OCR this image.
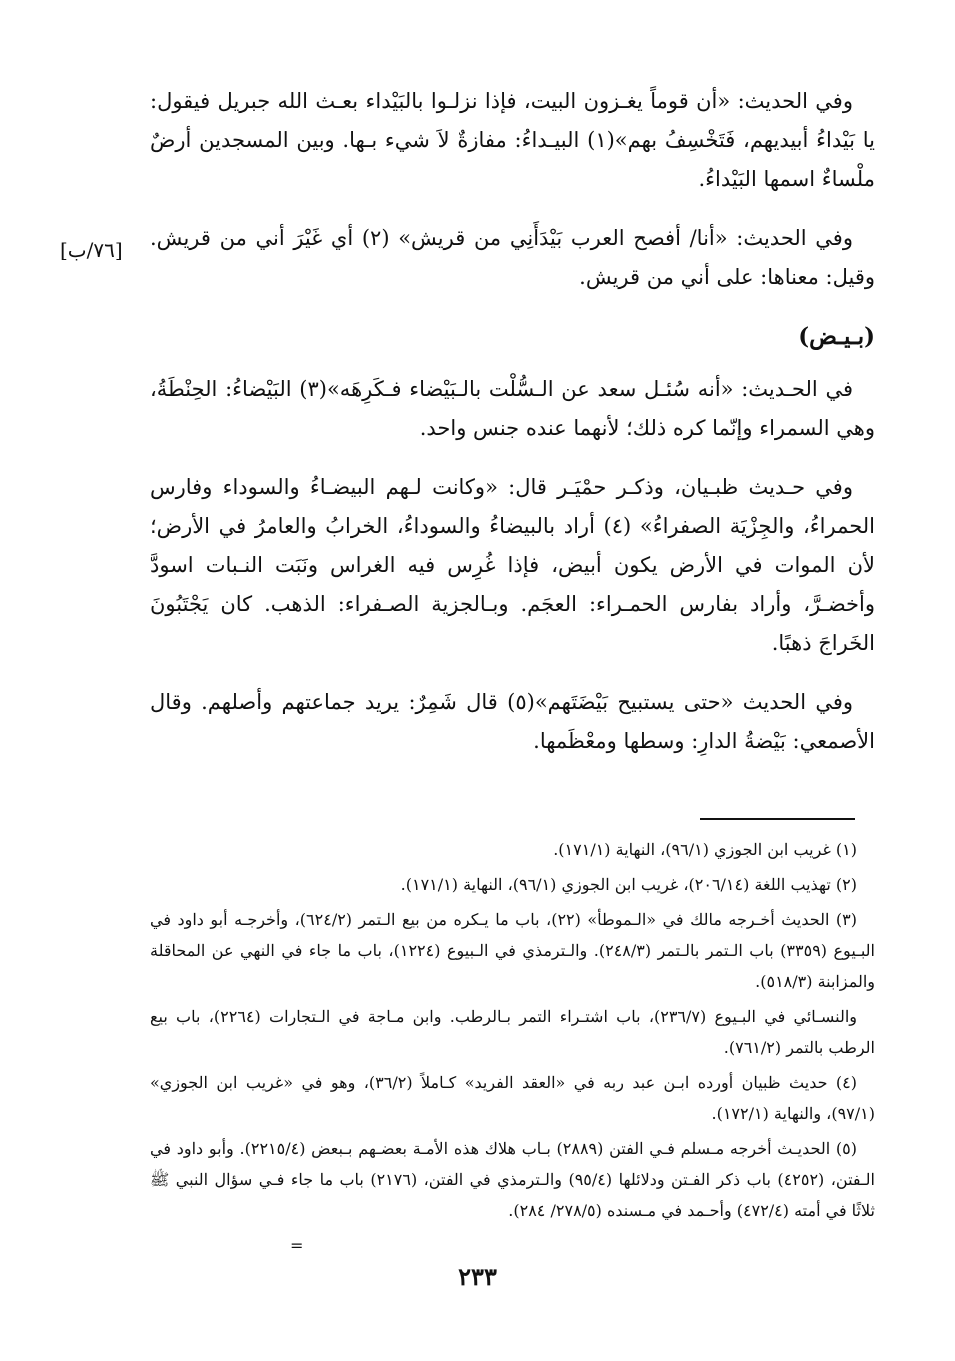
[٧٦/ب]

وفي الحديث: «أن قوماً يغـزون البيت، فإذا نزلـوا بالبَيْداء بعـث الله جبريل فيقول: يا بَيْداءُ أبيديهم، فَتَخْسِفُ بهم»(١) البيـداءُ: مفازةٌ لاَ شيء بـها. وبين المسجدين أرضٌ ملْساءٌ اسمها البَيْداءُ.

وفي الحديث: «أنا/ أفصح العرب بَيْدَأَنِي من قريش» (٢) أي غَيْرَ أني من قريش. وقيل: معناها: على أني من قريش.

(بـيـض)

في الحـديث: «أنه سُئـل سعد عن الـسُّلْت بالـبَيْضاء فـكَرِهَه»(٣) البَيْضاءُ: الحِنْطَةُ، وهي السمراء وإنّما كره ذلك؛ لأنهما عنده جنس واحد.

وفي حـديث ظبـيان، وذكـر حمْيَـر قال: «وكانت لـهم البيضـاءُ والسوداء وفارس الحمراءُ، والجِزْيَة الصفراءُ» (٤) أراد بالبيضاءُ والسوداءُ، الخرابُ والعامرُ في الأرض؛ لأن الموات في الأرض يكون أبيض، فإذا غُرِس فيه الغراس ونَبَت النـبات اسودَّ وأخضـرَّ، وأراد بفارس الحمـراء: العجَم. وبـالجزية الصـفراء: الذهب. كان يَجْتَبُونَ الخَراجَ ذهبًا.

وفي الحديث «حتى يستبيح بَيْضَتَهم»(٥) قال شَمِرٌ: يريد جماعتهم وأصلهم. وقال الأصمعي: بَيْضةُ الدارِ: وسطها ومعْظَمها.

(١) غريب ابن الجوزي (٩٦/١)، النهاية (١٧١/١).

(٢) تهذيب اللغة (٢٠٦/١٤)، غريب ابن الجوزي (٩٦/١)، النهاية (١٧١/١).

(٣) الحديث أخـرجه مالك في «الـموطأ» (٢٢)، باب ما يـكره من بيع الـتمر (٦٢٤/٢)، وأخرجـه أبو داود في البـيوع (٣٣٥٩) باب الـتمر بالـتمر (٢٤٨/٣). والـترمذي في الـبيوع (١٢٢٤)، باب ما جاء في النهي عن المحاقلة والمزابنة (٥١٨/٣).

والنسـائي في البـيوع (٢٣٦/٧)، باب اشتـراء التمر بـالرطب. وابن مـاجة في الـتجارات (٢٢٦٤)، باب بيع الرطب بالتمر (٧٦١/٢).

(٤) حديث ظبيان أورده ابـن عبد ربه في «العقد الفريد» كـاملاً (٣٦/٢)، وهو في «غريب ابن الجوزي» (٩٧/١)، والنهاية (١٧٢/١).

(٥) الحديـث أخرجه مـسلم فـي الفتن (٢٨٨٩) بـاب هلاك هذه الأمـة بعضـهم بـبعض (٢٢١٥/٤). وأبو داود في الـفتن، (٤٢٥٢) باب ذكر الفـتن ودلائلها (٩٥/٤) والـترمذي في الفتن، (٢١٧٦) باب ما جاء فـي سؤال النبي ﷺ ثلاثًا في أمته (٤٧٢/٤) وأحـمد في مـسنده (٢٧٨/٥/ ٢٨٤).

=
٢٣٣
